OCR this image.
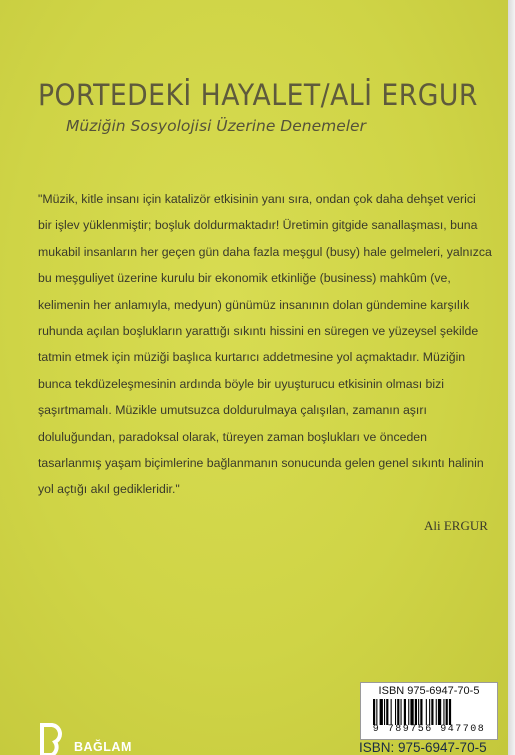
PORTEDEKİ HAYALET/ALİ ERGUR
Müziğin Sosyolojisi Üzerine Denemeler
"Müzik, kitle insanı için katalizör etkisinin yanı sıra, ondan çok daha dehşet verici
bir işlev yüklenmiştir; boşluk doldurmaktadır! Üretimin gitgide sanallaşması, buna
mukabil insanların her geçen gün daha fazla meşgul (busy) hale gelmeleri, yalnızca
bu meşguliyet üzerine kurulu bir ekonomik etkinliğe (business) mahkûm (ve,
kelimenin her anlamıyla, medyun) günümüz insanının dolan gündemine karşılık
ruhunda açılan boşlukların yarattığı sıkıntı hissini en süregen ve yüzeysel şekilde
tatmin etmek için müziği başlıca kurtarıcı addetmesine yol açmaktadır. Müziğin
bunca tekdüzeleşmesinin ardında böyle bir uyuşturucu etkisinin olması bizi
şaşırtmamalı. Müzikle umutsuzca doldurulmaya çalışılan, zamanın aşırı
doluluğundan, paradoksal olarak, türeyen zaman boşlukları ve önceden
tasarlanmış yaşam biçimlerine bağlanmanın sonucunda gelen genel sıkıntı halinin
yol açtığı akıl gedikleridir."
Ali ERGUR
ISBN 975-6947-70-5
9 789756 947708
BAĞLAM	ISBN: 975-6947-70-5
